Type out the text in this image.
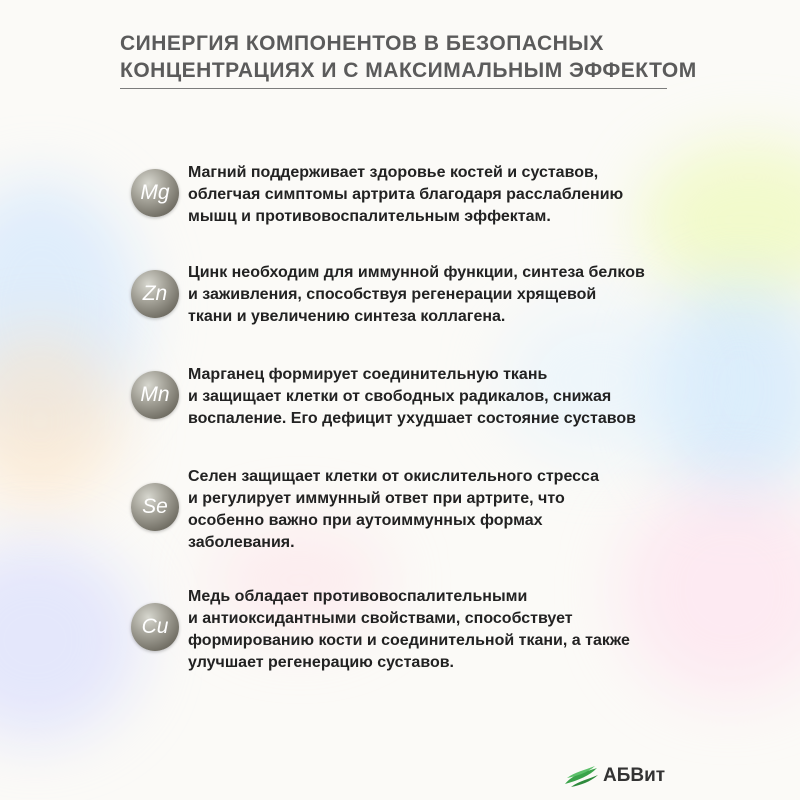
СИНЕРГИЯ КОМПОНЕНТОВ В БЕЗОПАСНЫХ
КОНЦЕНТРАЦИЯХ И С МАКСИМАЛЬНЫМ ЭФФЕКТОМ
Mg
Магний поддерживает здоровье костей и суставов,
облегчая симптомы артрита благодаря расслаблению
мышц и противовоспалительным эффектам.
Zn
Цинк необходим для иммунной функции, синтеза белков
и заживления, способствуя регенерации хрящевой
ткани и увеличению синтеза коллагена.
Mn
Марганец формирует соединительную ткань
и защищает клетки от свободных радикалов, снижая
воспаление. Его дефицит ухудшает состояние суставов
Se
Селен защищает клетки от окислительного стресса
и регулирует иммунный ответ при артрите, что
особенно важно при аутоиммунных формах
заболевания.
Cu
Медь обладает противовоспалительными
и антиоксидантными свойствами, способствует
формированию кости и соединительной ткани, а также
улучшает регенерацию суставов.
АБВит
